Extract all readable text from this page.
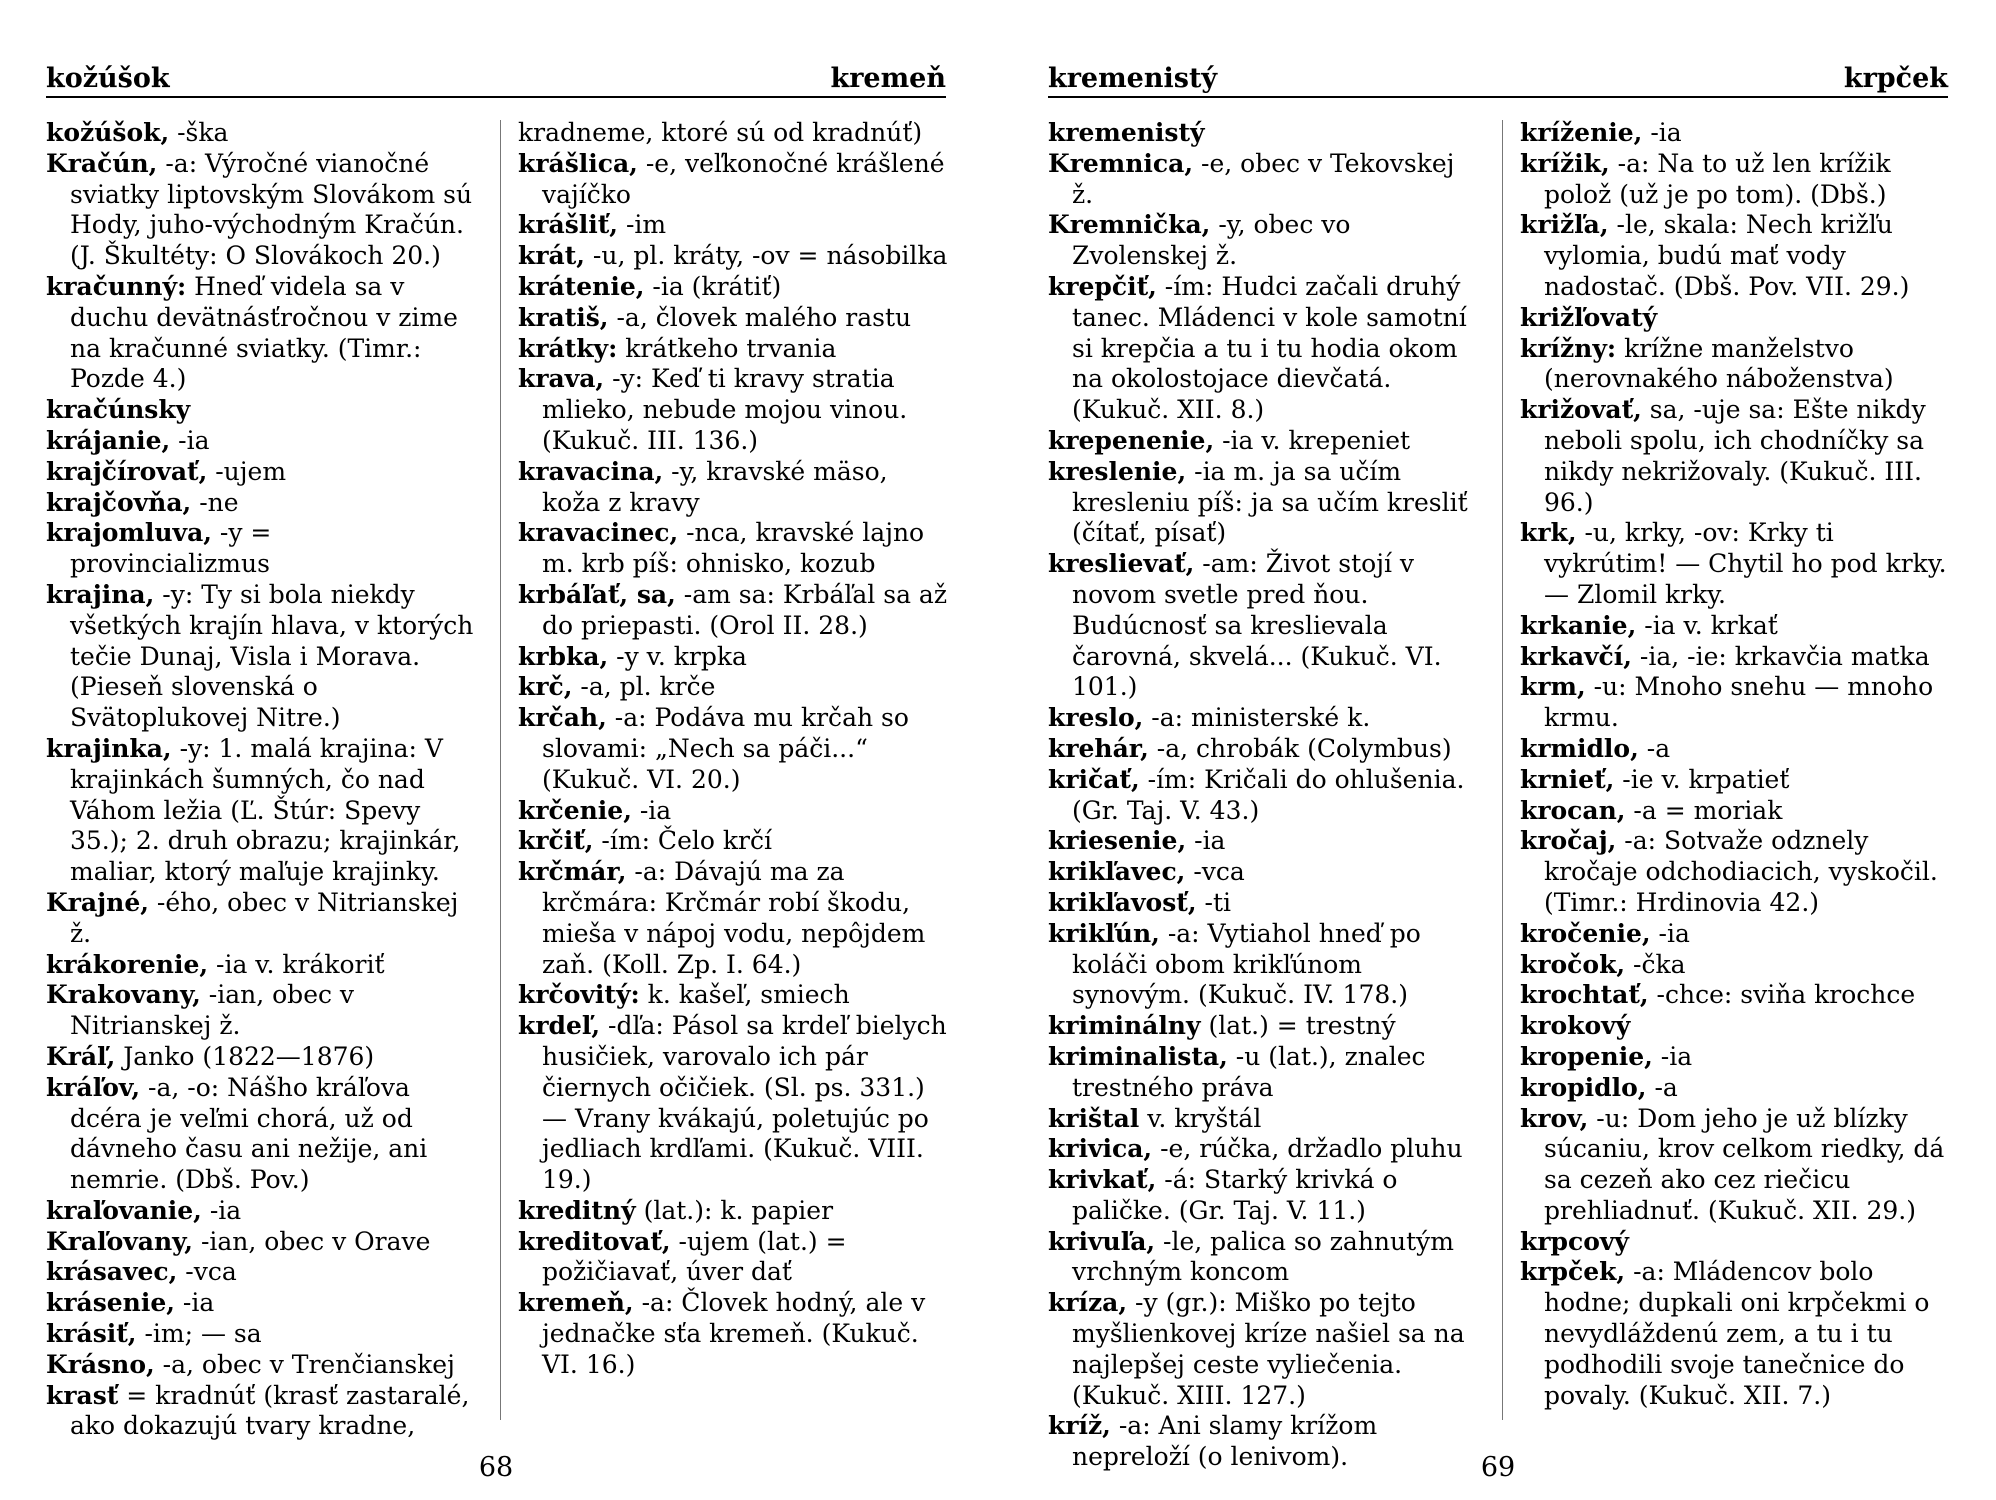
kožúšok	kremeň

kožúšok, -ška

Kračún, -a: Výročné vianočné sviatky liptovským Slovákom sú Hody, juho-východným Kračún. (J. Škultéty: O Slovákoch 20.)

kračunný: Hneď videla sa v duchu devätnásťročnou v zime na kračunné sviatky. (Timr.: Pozde 4.)

kračúnsky

krájanie, -ia

krajčírovať, -ujem

krajčovňa, -ne

krajomluva, -y = provincializmus

krajina, -y: Ty si bola niekdy všetkých krajín hlava, v ktorých tečie Dunaj, Visla i Morava. (Pieseň slovenská o Svätoplukovej Nitre.)

krajinka, -y: 1. malá krajina: V krajinkách šumných, čo nad Váhom ležia (Ľ. Štúr: Spevy 35.); 2. druh obrazu; krajinkár, maliar, ktorý maľuje krajinky.

Krajné, -ého, obec v Nitrianskej ž.

krákorenie, -ia v. krákoriť

Krakovany, -ian, obec v Nitrianskej ž.

Kráľ, Janko (1822—1876)

kráľov, -a, -o: Nášho kráľova dcéra je veľmi chorá, už od dávneho času ani nežije, ani nemrie. (Dbš. Pov.)

kraľovanie, -ia

Kraľovany, -ian, obec v Orave

krásavec, -vca

krásenie, -ia

krásiť, -im; — sa

Krásno, -a, obec v Trenčianskej

krasť = kradnúť (krasť zastaralé, ako dokazujú tvary kradne,

kradneme, ktoré sú od kradnúť)

krášlica, -e, veľkonočné krášlené vajíčko

krášliť, -im

krát, -u, pl. kráty, -ov = násobilka

krátenie, -ia (krátiť)

kratiš, -a, človek malého rastu

krátky: krátkeho trvania

krava, -y: Keď ti kravy stratia mlieko, nebude mojou vinou. (Kukuč. III. 136.)

kravacina, -y, kravské mäso, koža z kravy

kravacinec, -nca, kravské lajno m. krb píš: ohnisko, kozub

krbáľať, sa, -am sa: Krbáľal sa až do priepasti. (Orol II. 28.)

krbka, -y v. krpka

krč, -a, pl. krče

krčah, -a: Podáva mu krčah so slovami: „Nech sa páči...“ (Kukuč. VI. 20.)

krčenie, -ia

krčiť, -ím: Čelo krčí

krčmár, -a: Dávajú ma za krčmára: Krčmár robí škodu, mieša v nápoj vodu, nepôjdem zaň. (Koll. Zp. I. 64.)

krčovitý: k. kašeľ, smiech

krdeľ, -dľa: Pásol sa krdeľ bielych husičiek, varovalo ich pár čiernych očičiek. (Sl. ps. 331.) — Vrany kvákajú, poletujúc po jedliach krdľami. (Kukuč. VIII. 19.)

kreditný (lat.): k. papier

kreditovať, -ujem (lat.) = požičiavať, úver dať

kremeň, -a: Človek hodný, ale v jednačke sťa kremeň. (Kukuč. VI. 16.)

68
kremenistý	krpček

kremenistý

Kremnica, -e, obec v Tekovskej ž.

Kremnička, -y, obec vo Zvolenskej ž.

krepčiť, -ím: Hudci začali druhý tanec. Mládenci v kole samotní si krepčia a tu i tu hodia okom na okolostojace dievčatá. (Kukuč. XII. 8.)

krepenenie, -ia v. krepeniet

kreslenie, -ia m. ja sa učím kresleniu píš: ja sa učím kresliť (čítať, písať)

kreslievať, -am: Život stojí v novom svetle pred ňou. Budúcnosť sa kreslievala čarovná, skvelá... (Kukuč. VI. 101.)

kreslo, -a: ministerské k.

krehár, -a, chrobák (Colymbus)

kričať, -ím: Kričali do ohlušenia. (Gr. Taj. V. 43.)

kriesenie, -ia

krikľavec, -vca

krikľavosť, -ti

krikľún, -a: Vytiahol hneď po koláči obom krikľúnom synovým. (Kukuč. IV. 178.)

kriminálny (lat.) = trestný

kriminalista, -u (lat.), znalec trestného práva

krištal v. kryštál

krivica, -e, rúčka, držadlo pluhu

krivkať, -á: Starký krivká o paličke. (Gr. Taj. V. 11.)

krivuľa, -le, palica so zahnutým vrchným koncom

kríza, -y (gr.): Miško po tejto myšlienkovej kríze našiel sa na najlepšej ceste vyliečenia. (Kukuč. XIII. 127.)

kríž, -a: Ani slamy krížom nepreloží (o lenivom).

kríženie, -ia

krížik, -a: Na to už len krížik polož (už je po tom). (Dbš.)

križľa, -le, skala: Nech križľu vylomia, budú mať vody nadostač. (Dbš. Pov. VII. 29.)

križľovatý

krížny: krížne manželstvo (nerovnakého náboženstva)

križovať, sa, -uje sa: Ešte nikdy neboli spolu, ich chodníčky sa nikdy nekrižovaly. (Kukuč. III. 96.)

krk, -u, krky, -ov: Krky ti vykrútim! — Chytil ho pod krky. — Zlomil krky.

krkanie, -ia v. krkať

krkavčí, -ia, -ie: krkavčia matka

krm, -u: Mnoho snehu — mnoho krmu.

krmidlo, -a

krnieť, -ie v. krpatieť

krocan, -a = moriak

kročaj, -a: Sotvaže odznely kročaje odchodiacich, vyskočil. (Timr.: Hrdinovia 42.)

kročenie, -ia

kročok, -čka

krochtať, -chce: sviňa krochce

krokový

kropenie, -ia

kropidlo, -a

krov, -u: Dom jeho je už blízky súcaniu, krov celkom riedky, dá sa cezeň ako cez riečicu prehliadnuť. (Kukuč. XII. 29.)

krpcový

krpček, -a: Mládencov bolo hodne; dupkali oni krpčekmi o nevydláždenú zem, a tu i tu podhodili svoje tanečnice do povaly. (Kukuč. XII. 7.)

69
